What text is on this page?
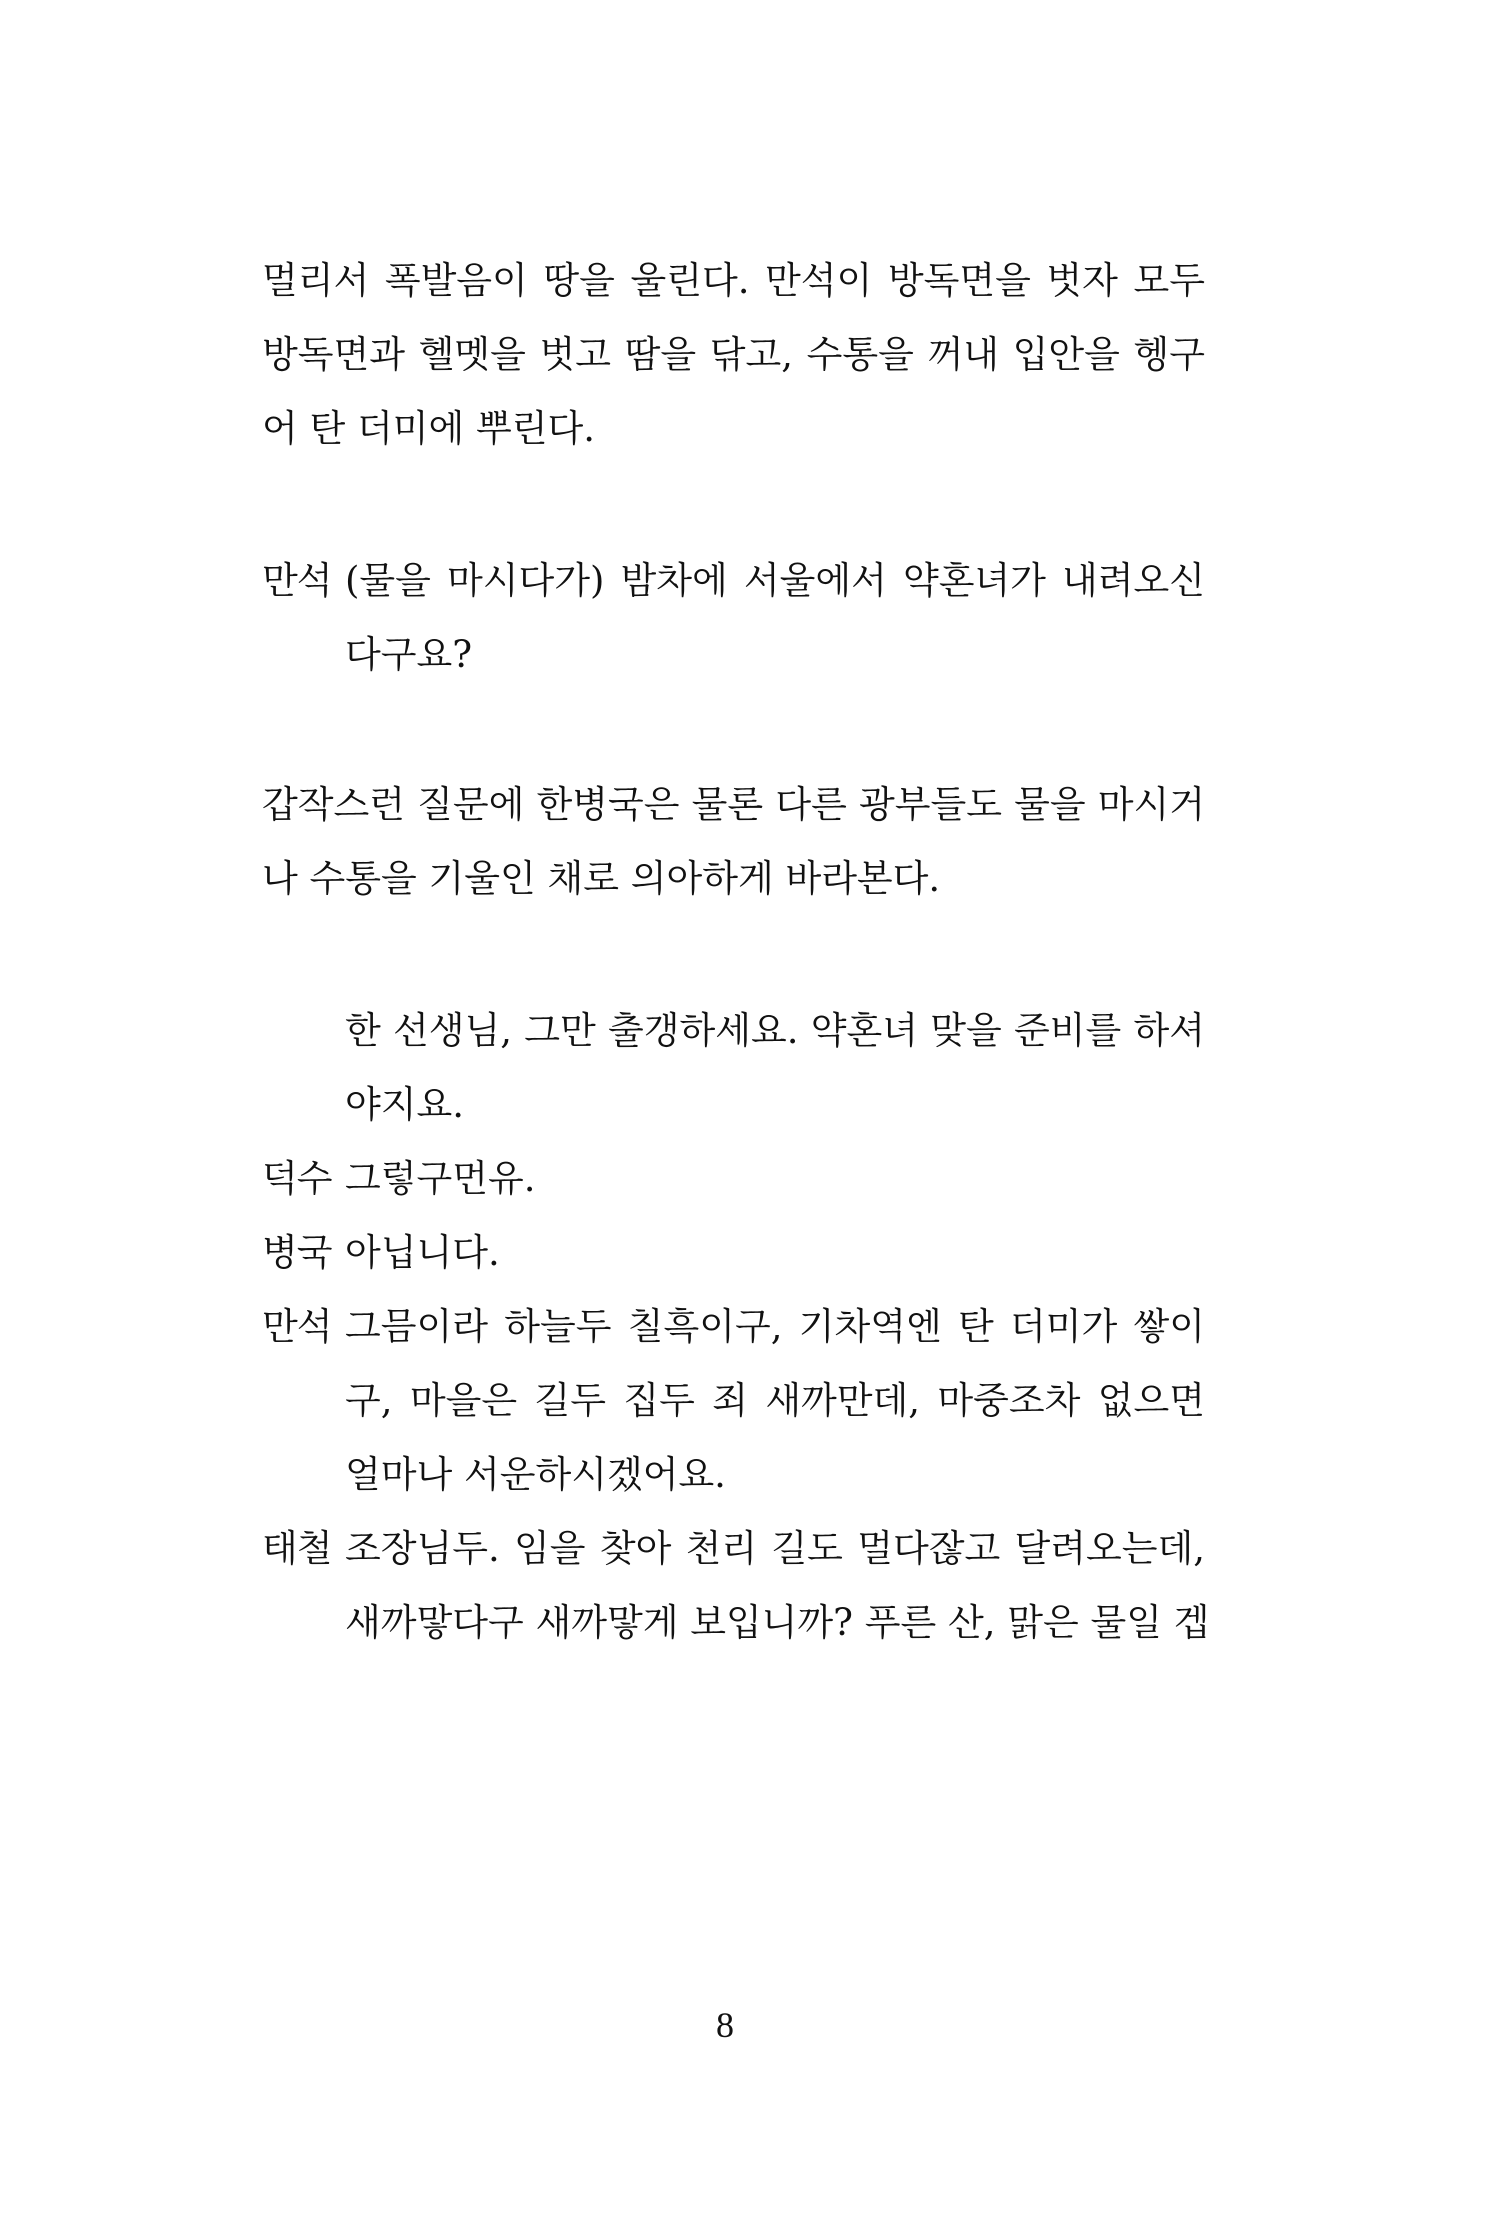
멀리서 폭발음이 땅을 울린다. 만석이 방독면을 벗자 모두
방독면과 헬멧을 벗고 땀을 닦고, 수통을 꺼내 입안을 헹구
어 탄 더미에 뿌린다.
만석 (물을 마시다가) 밤차에 서울에서 약혼녀가 내려오신
다구요?
갑작스런 질문에 한병국은 물론 다른 광부들도 물을 마시거
나 수통을 기울인 채로 의아하게 바라본다.
한 선생님, 그만 출갱하세요. 약혼녀 맞을 준비를 하셔
야지요.
덕수 그렇구먼유.
병국 아닙니다.
만석 그믐이라 하늘두 칠흑이구, 기차역엔 탄 더미가 쌓이
구, 마을은 길두 집두 죄 새까만데, 마중조차 없으면
얼마나 서운하시겠어요.
태철 조장님두. 임을 찾아 천리 길도 멀다잖고 달려오는데,
새까맣다구 새까맣게 보입니까? 푸른 산, 맑은 물일 겝
8
